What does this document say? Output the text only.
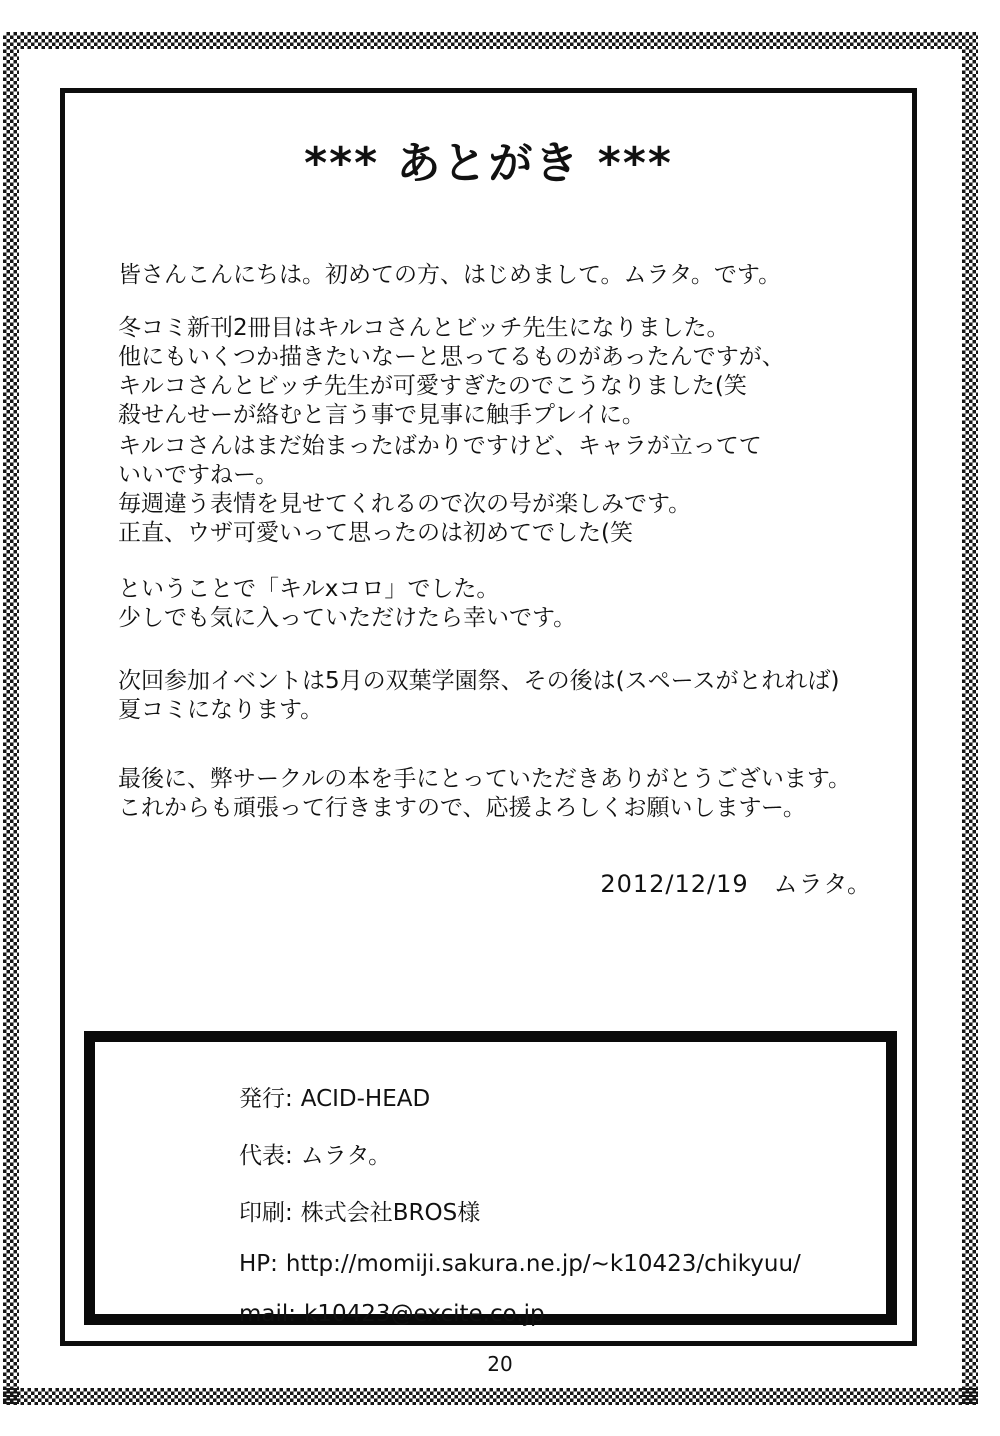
*** あとがき ***

皆さんこんにちは。初めての方、はじめまして。ムラタ。です。

冬コミ新刊2冊目はキルコさんとビッチ先生になりました。
他にもいくつか描きたいなーと思ってるものがあったんですが、
キルコさんとビッチ先生が可愛すぎたのでこうなりました(笑
殺せんせーが絡むと言う事で見事に触手プレイに。

キルコさんはまだ始まったばかりですけど、キャラが立ってて
いいですねー。
毎週違う表情を見せてくれるので次の号が楽しみです。
正直、ウザ可愛いって思ったのは初めてでした(笑

ということで「キルxコロ」でした。
少しでも気に入っていただけたら幸いです。

次回参加イベントは5月の双葉学園祭、その後は(スペースがとれれば)
夏コミになります。

最後に、弊サークルの本を手にとっていただきありがとうございます。
これからも頑張って行きますので、応援よろしくお願いしますー。

2012/12/19　ムラタ。
発行: ACID-HEAD
代表: ムラタ。
印刷: 株式会社BROS様
HP: http://momiji.sakura.ne.jp/~k10423/chikyuu/
mail: k10423@excite.co.jp
20
